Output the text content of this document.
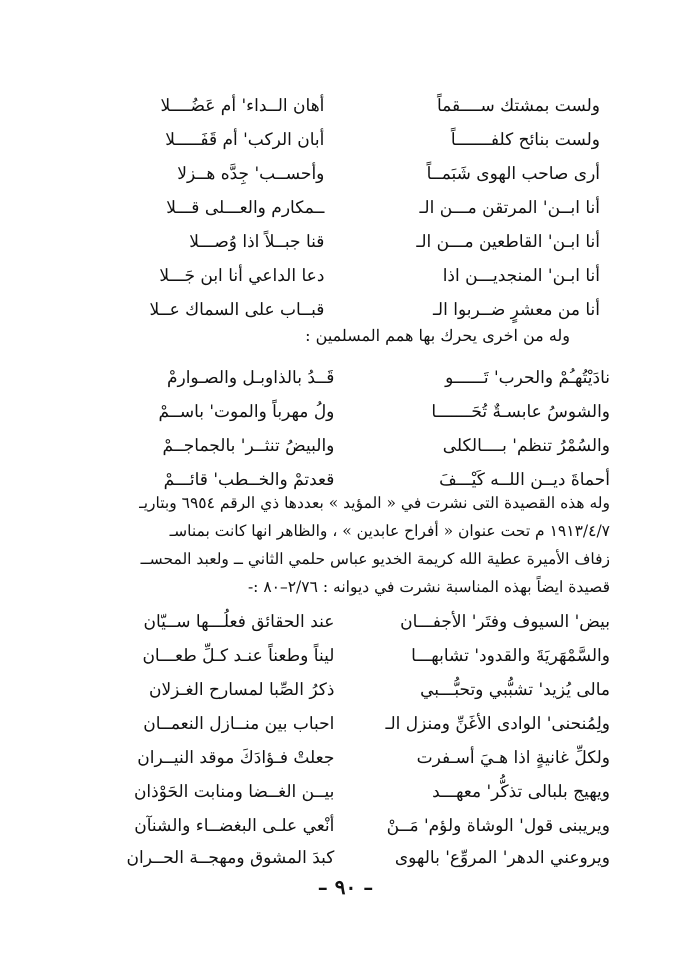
ولست بمشتك ســــقماً
أهان الــداء' أم عَضُــــلا
ولست بنائح كلفـــــــاً
أبان الركب' أم قَفَـــــلا
أرى صاحب الهوى شَبَمــاً
وأحســب' جِدَّه هــزلا
أنا ابــن' المرتقن مـــن الـ
ــمكارم والعـــلى قـــلا
أنا ابـن' القاطعين مـــن الـ
قنا جبــلاً اذا وُصـــلا
أنا ابـن' المنجديـــن اذا
دعا الداعي أنا ابن جَـــلا
أنا من معشرٍ ضــربوا الـ
قبــاب على السماك عــلا
وله من اخرى يحرك بها همم المسلمين :
نادَيْتُهـُمْ والحرب' تَــــــو
قَــدُ بالذاوبـل والصـوارمْ
والشوسُ عابسـةٌ تُحَـــــــا
ولُ مهرباً والموت' باســمْ
والسُمْرُ تنظم' بــــالكلى
والبيضُ تنثــر' بالجماجــمْ
أحماةَ ديــن اللــه كَيْـــفَ
قعدتمْ والخــطب' قائـــمْ
وله هذه القصيدة التى نشرت في « المؤيد » بعددها ذي الرقم ٦٩٥٤ وبتاريـ
١٩١٣/٤/٧ م تحت عنوان « أفراح عابدين » ، والظاهر انها كانت بمناسـ
زفاف الأميرة عطية الله كريمة الخديو عباس حلمي الثاني ــ ولعبد المحســ
قصيدة ايضاً بهذه المناسبة نشرت في ديوانه : ٢/٧٦–٨٠ :-
بيض' السيوف وفتَر' الأجفـــان
عند الحقائق فعلُـــها ســيّان
والسَّمْهَريَةَ والقدود' تشابهـــا
ليناً وطعناً عنـد كـلِّ طعـــان
مالى يُزيد' تشبُّبي وتحبُّـــبي
ذكرُ الصِّبا لمسارح الغـزلان
ولِمُنحنى' الوادى الأغَنِّ ومنزل الـ
احباب بين منــازل النعمــان
ولكلِّ غانيةٍ اذا هـيَ أسـفرت
جعلتْ فـؤادَكَ موقد النيــران
ويهيج بلبالى تذكُّر' معهـــد
بيــن الغــضا ومنابت الحَوْذان
ويريبنى قول' الوشاة ولؤم' مَــنْ
أنْعي علـى البغضــاء والشنآن
ويروعني الدهر' المروِّع' بالهوى
كبدَ المشوق ومهجــة الحــران
– ٩٠ –
